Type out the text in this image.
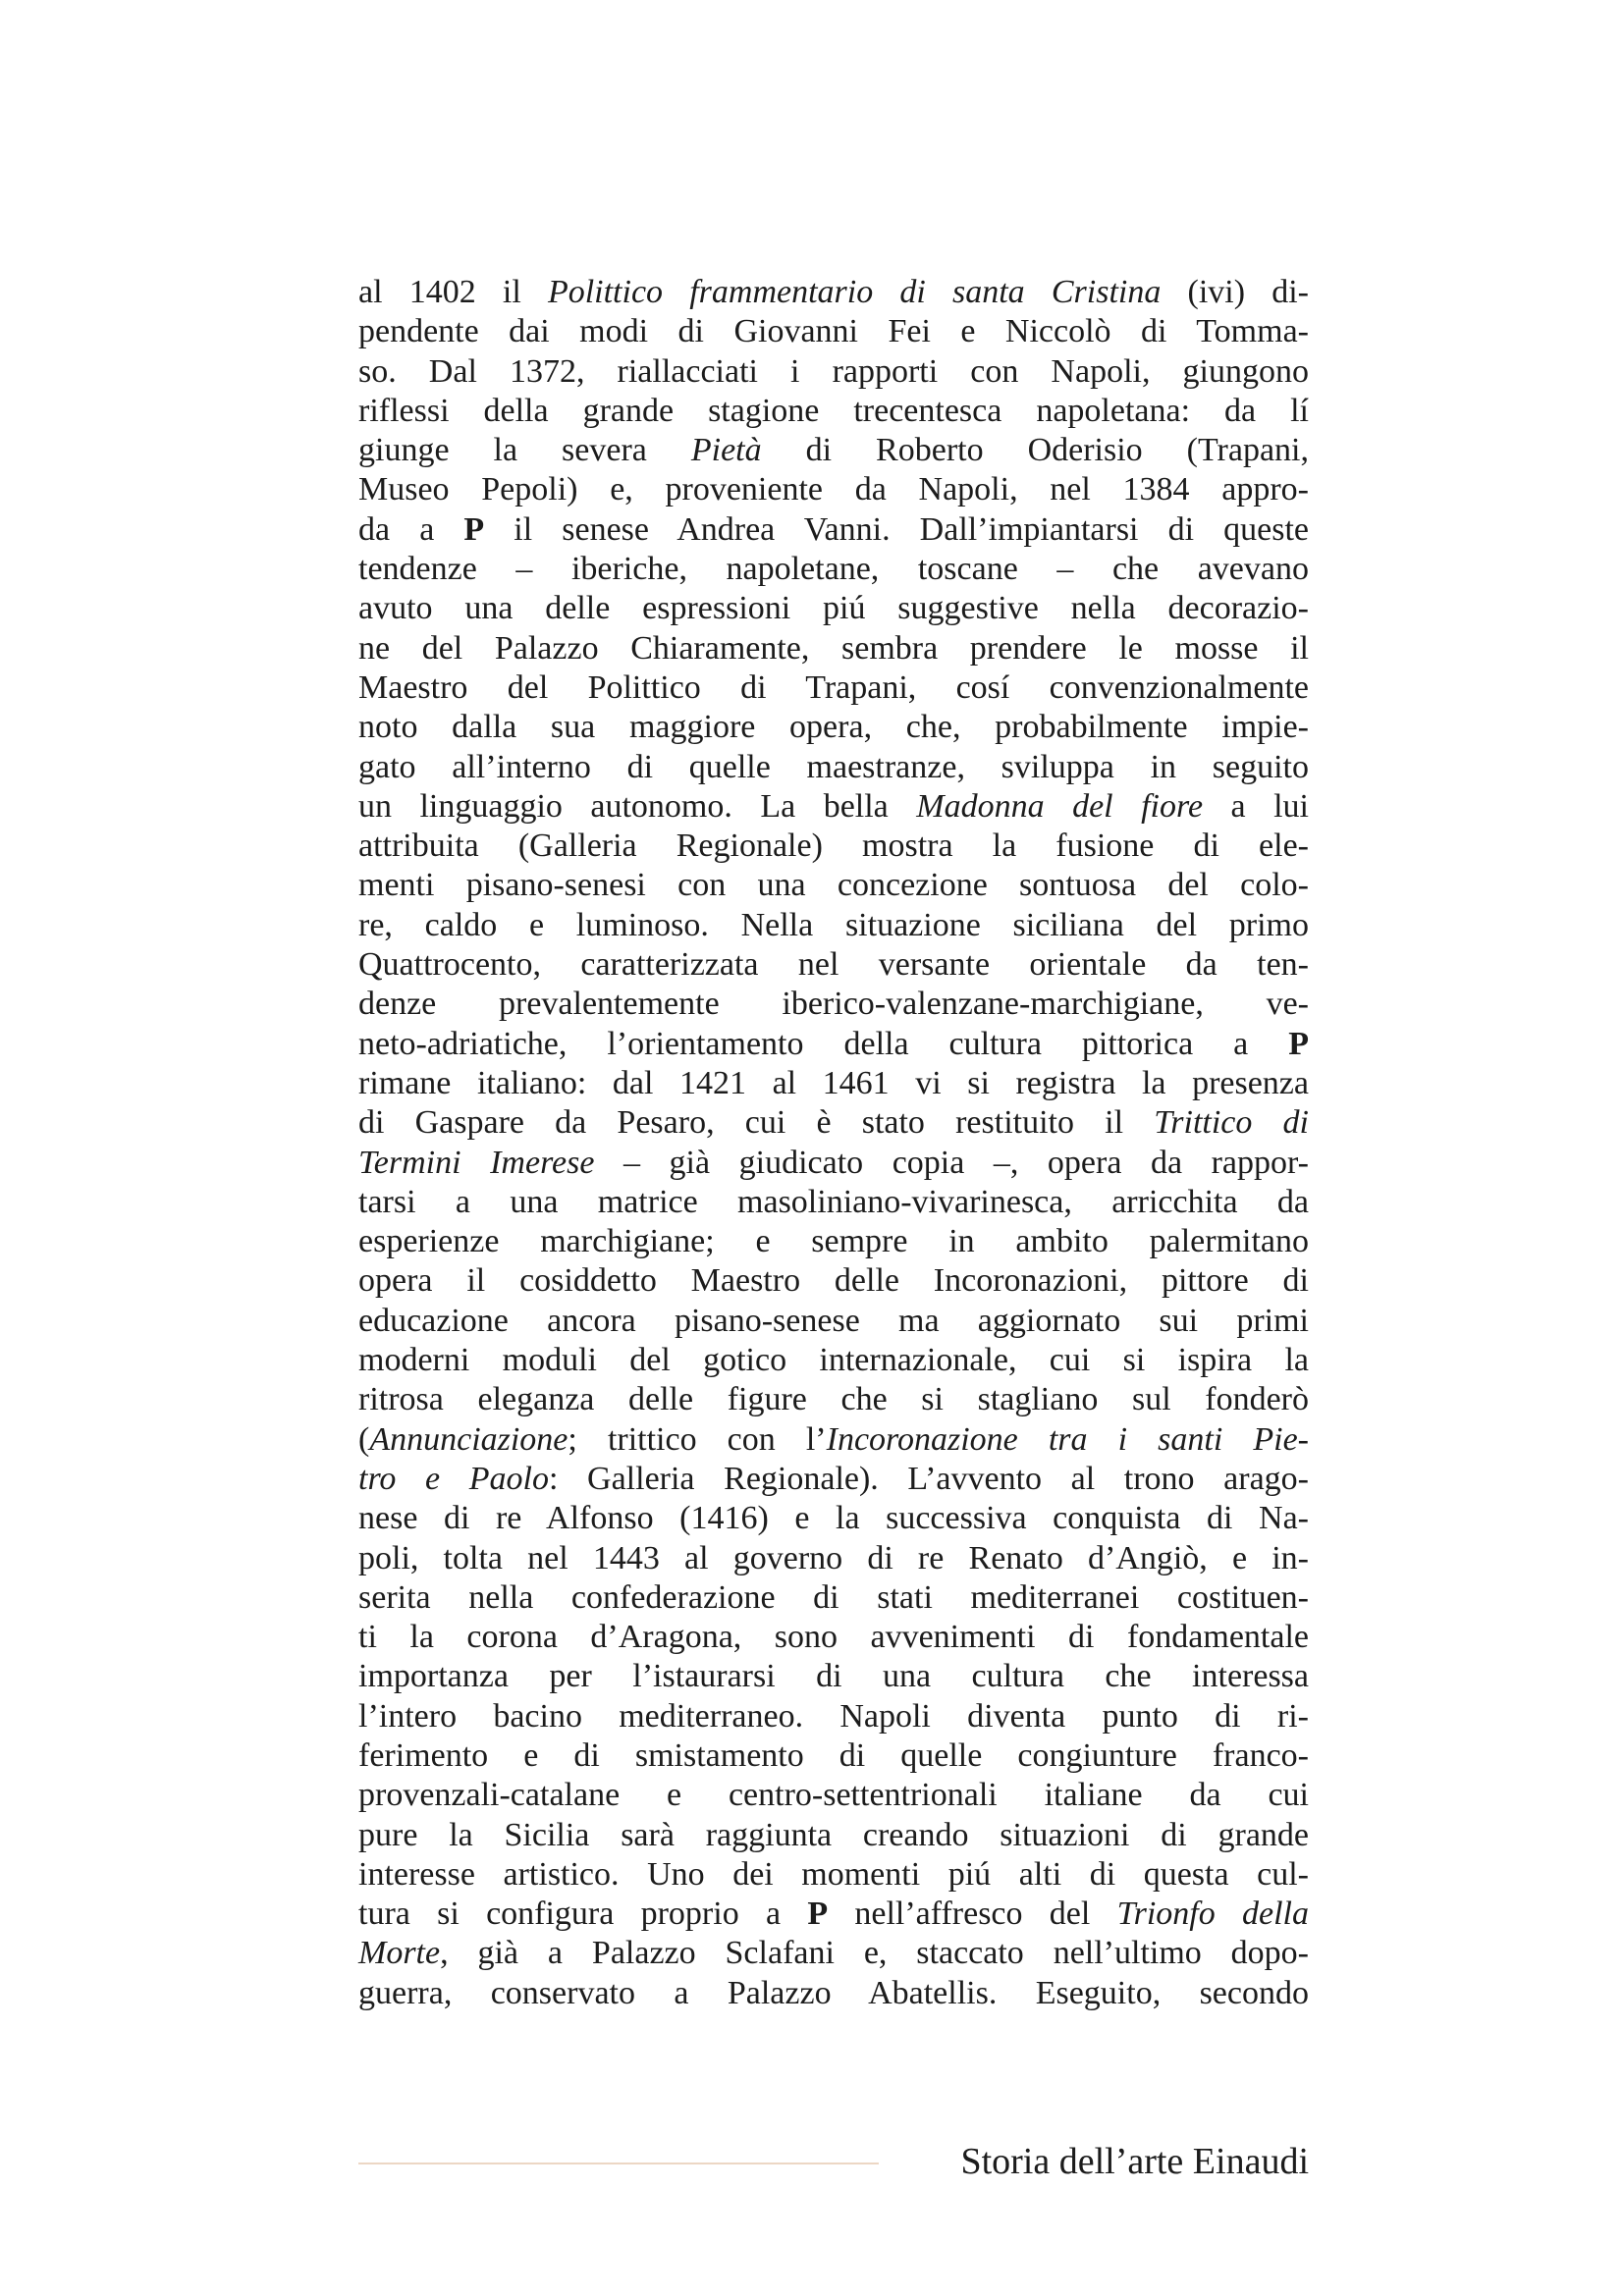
al 1402 il Polittico frammentario di santa Cristina (ivi) di-
pendente dai modi di Giovanni Fei e Niccolò di Tomma-
so. Dal 1372, riallacciati i rapporti con Napoli, giungono
riflessi della grande stagione trecentesca napoletana: da lí
giunge la severa Pietà di Roberto Oderisio (Trapani,
Museo Pepoli) e, proveniente da Napoli, nel 1384 appro-
da a P il senese Andrea Vanni. Dall’impiantarsi di queste
tendenze – iberiche, napoletane, toscane – che avevano
avuto una delle espressioni piú suggestive nella decorazio-
ne del Palazzo Chiaramente, sembra prendere le mosse il
Maestro del Polittico di Trapani, cosí convenzionalmente
noto dalla sua maggiore opera, che, probabilmente impie-
gato all’interno di quelle maestranze, sviluppa in seguito
un linguaggio autonomo. La bella Madonna del fiore a lui
attribuita (Galleria Regionale) mostra la fusione di ele-
menti pisano-senesi con una concezione sontuosa del colo-
re, caldo e luminoso. Nella situazione siciliana del primo
Quattrocento, caratterizzata nel versante orientale da ten-
denze prevalentemente iberico-valenzane-marchigiane, ve-
neto-adriatiche, l’orientamento della cultura pittorica a P
rimane italiano: dal 1421 al 1461 vi si registra la presenza
di Gaspare da Pesaro, cui è stato restituito il Trittico di
Termini Imerese – già giudicato copia –, opera da rappor-
tarsi a una matrice masoliniano-vivarinesca, arricchita da
esperienze marchigiane; e sempre in ambito palermitano
opera il cosiddetto Maestro delle Incoronazioni, pittore di
educazione ancora pisano-senese ma aggiornato sui primi
moderni moduli del gotico internazionale, cui si ispira la
ritrosa eleganza delle figure che si stagliano sul fonderò
(Annunciazione; trittico con l’Incoronazione tra i santi Pie-
tro e Paolo: Galleria Regionale). L’avvento al trono arago-
nese di re Alfonso (1416) e la successiva conquista di Na-
poli, tolta nel 1443 al governo di re Renato d’Angiò, e in-
serita nella confederazione di stati mediterranei costituen-
ti la corona d’Aragona, sono avvenimenti di fondamentale
importanza per l’istaurarsi di una cultura che interessa
l’intero bacino mediterraneo. Napoli diventa punto di ri-
ferimento e di smistamento di quelle congiunture franco-
provenzali-catalane e centro-settentrionali italiane da cui
pure la Sicilia sarà raggiunta creando situazioni di grande
interesse artistico. Uno dei momenti piú alti di questa cul-
tura si configura proprio a P nell’affresco del Trionfo della
Morte, già a Palazzo Sclafani e, staccato nell’ultimo dopo-
guerra, conservato a Palazzo Abatellis. Eseguito, secondo
Storia dell’arte Einaudi
